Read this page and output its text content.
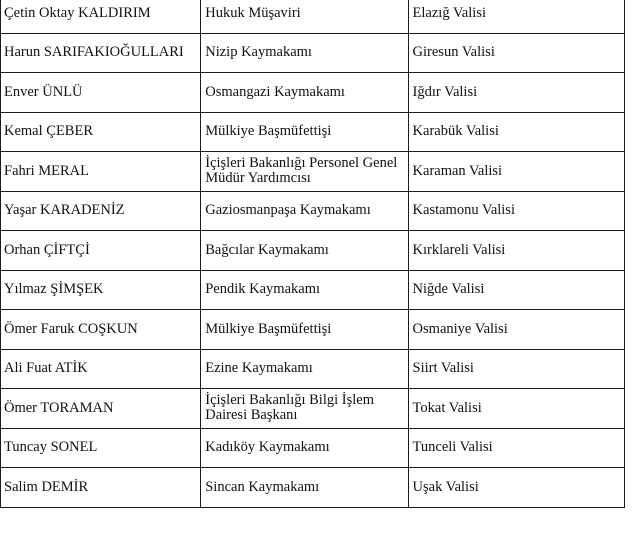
Çetin Oktay KALDIRIM	Hukuk Müşaviri	Elazığ Valisi
Harun SARIFAKIOĞULLARI	Nizip Kaymakamı	Giresun Valisi
Enver ÜNLÜ	Osmangazi Kaymakamı	Iğdır Valisi
Kemal ÇEBER	Mülkiye Başmüfettişi	Karabük Valisi
Fahri MERAL	İçişleri Bakanlığı Personel Genel Müdür Yardımcısı	Karaman Valisi
Yaşar KARADENİZ	Gaziosmanpaşa Kaymakamı	Kastamonu Valisi
Orhan ÇİFTÇİ	Bağcılar Kaymakamı	Kırklareli Valisi
Yılmaz ŞİMŞEK	Pendik Kaymakamı	Niğde Valisi
Ömer Faruk COŞKUN	Mülkiye Başmüfettişi	Osmaniye Valisi
Ali Fuat ATİK	Ezine Kaymakamı	Siirt Valisi
Ömer TORAMAN	İçişleri Bakanlığı Bilgi İşlem Dairesi Başkanı	Tokat Valisi
Tuncay SONEL	Kadıköy Kaymakamı	Tunceli Valisi
Salim DEMİR	Sincan Kaymakamı	Uşak Valisi
